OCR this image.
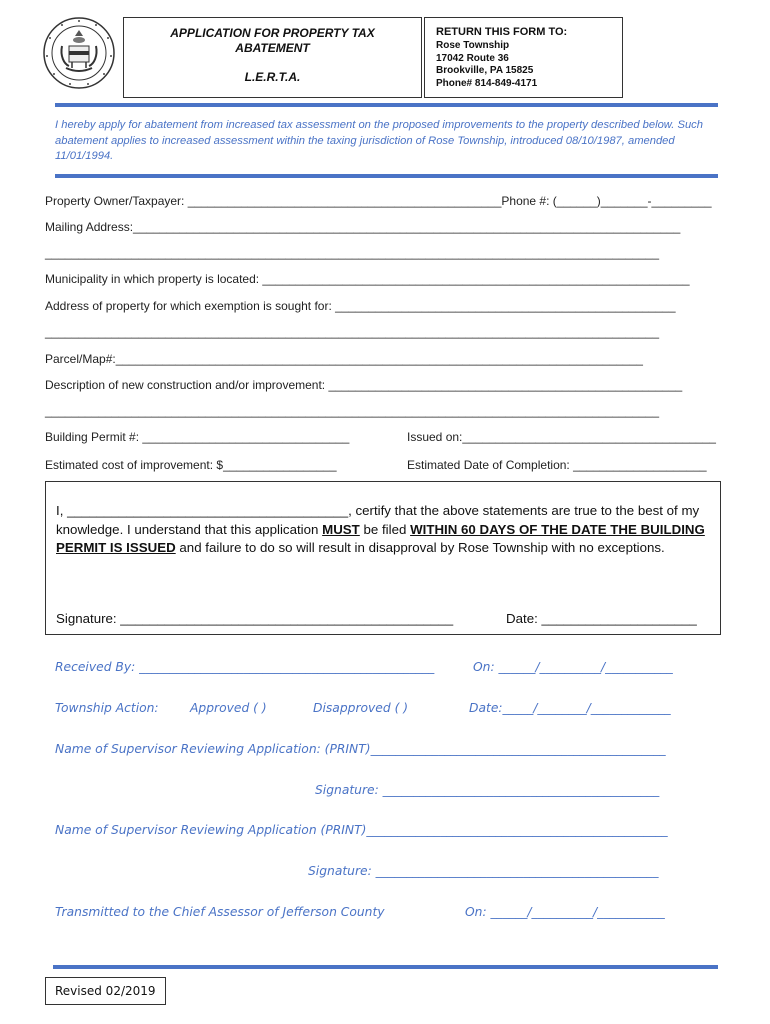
APPLICATION FOR PROPERTY TAX ABATEMENT
L.E.R.T.A.
RETURN THIS FORM TO:
Rose Township
17042 Route 36
Brookville, PA 15825
Phone# 814-849-4171
I hereby apply for abatement from increased tax assessment on the proposed improvements to the property described below. Such abatement applies to increased assessment within the taxing jurisdiction of Rose Township, introduced 08/10/1987, amended 11/01/1994.
Property Owner/Taxpayer: _______________________________________________Phone #: (______)_______-_________
Mailing Address:__________________________________________________________________________________
____________________________________________________________________________________________
Municipality in which property is located: ________________________________________________________________
Address of property for which exemption is sought for: ___________________________________________________
____________________________________________________________________________________________
Parcel/Map#:_______________________________________________________________________________
Description of new construction and/or improvement: _____________________________________________________
____________________________________________________________________________________________
Building Permit #: _______________________________	Issued on:______________________________________
Estimated cost of improvement: $_________________	Estimated Date of Completion: ____________________
I, ______________________________________, certify that the above statements are true to the best of my knowledge. I understand that this application MUST be filed WITHIN 60 DAYS OF THE DATE THE BUILDING PERMIT IS ISSUED and failure to do so will result in disapproval by Rose Township with no exceptions.
Signature: _____________________________________________	Date: _____________________
Received By: ________________________________________________	On: ______/__________/___________
Township Action:	Approved ( )	Disapproved ( )	Date:_____/________/_____________
Name of Supervisor Reviewing Application: (PRINT)________________________________________________
Signature: _____________________________________________
Name of Supervisor Reviewing Application (PRINT)_________________________________________________
Signature: ______________________________________________
Transmitted to the Chief Assessor of Jefferson County	On: ______/__________/___________
Revised 02/2019
